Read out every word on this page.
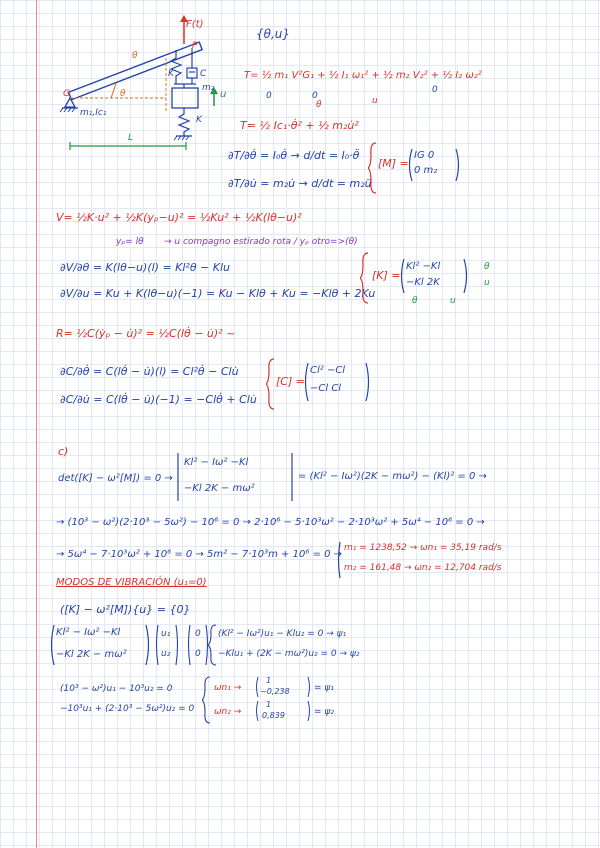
F(t)
P
G
m₁,Ic₁
K	C
m₂
u
K
L
θ
θ
{θ,u}
T= ½ m₁ V²G₁ + ½ I₁ ω₁² + ½ m₂ V₂² + ½ I₂ ω₂²
0	0
θ	u
0
T= ½ Ic₁·θ̇² + ½ m₂u̇²
∂T/∂θ̇ = I₀θ̇ → d/dt = I₀·θ̈
∂T/∂u̇ = m₂u̇ → d/dt = m₂ü
[M] =
IG 0
0 m₂
V= ½K·u² + ½K(yₚ−u)² = ½Ku² + ½K(lθ−u)²
yₚ= lθ → u compagno estirado rota / yₚ otro=>(θ)
∂V/∂θ = K(lθ−u)(l) = Kl²θ − Klu
∂V/∂u = Ku + K(lθ−u)(−1) = Ku − Klθ + Ku = −Klθ + 2Ku
[K] =
Kl² −Kl
−Kl 2K
θ
u
θ	u
R= ½C(ẏₚ − u̇)² = ½C(lθ̇ − u̇)² ~
∂C/∂θ̇ = C(lθ̇ − u̇)(l) = Cl²θ̇ − Clu̇
∂C/∂u̇ = C(lθ̇ − u̇)(−1) = −Clθ̇ + Clu̇
[C] =
Cl² −Cl
−Cl Cl
c)
det([K] − ω²[M]) = 0 →
Kl² − Iω² −Kl
−Kl 2K − mω²
= (Kl² − Iω²)(2K − mω²) − (Kl)² = 0 →
→ (10³ − ω²)(2·10³ − 5ω²) − 10⁶ = 0 → 2·10⁶ − 5·10³ω² − 2·10³ω² + 5ω⁴ − 10⁶ = 0 →
→ 5ω⁴ − 7·10³ω² + 10⁶ = 0 → 5m² − 7·10³m + 10⁶ = 0 →
m₁ = 1238,52 → ωn₁ = 35,19 rad/s
m₂ = 161,48 → ωn₂ = 12,704 rad/s
MODOS DE VIBRACIÓN (u₁=0)
([K] − ω²[M]){u} = {0}
Kl² − Iω² −Kl
−Kl 2K − mω²
u₁
u₂
0
0
(Kl² − Iω²)u₁ − Klu₂ = 0 → ψ₁
−Klu₁ + (2K − mω²)u₂ = 0 → ψ₂
(10³ − ω²)u₁ − 10³u₂ = 0
−10³u₁ + (2·10³ − 5ω²)u₂ = 0
ωn₁ →
1
−0,238	= ψ₁
ωn₂ →
1
0,839	= ψ₂
